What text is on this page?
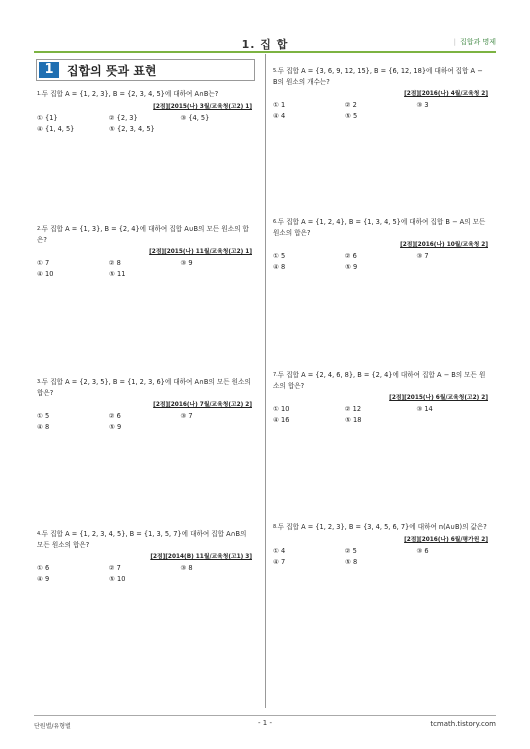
1. 집 합	| 집합과 명제
1	집합의 뜻과 표현
$^{1.}$두 집합 A = {1, 2, 3}, B = {2, 3, 4, 5}에 대하여 A∩B는?
[2점][2015(나) 3월/교육청(고2) 1]
① {1}	② {2, 3}	③ {4, 5}
④ {1, 4, 5}	⑤ {2, 3, 4, 5}
$^{2.}$두 집합 A = {1, 3}, B = {2, 4}에 대하여 집합 A∪B의 모든 원소의 합은?
[2점][2015(나) 11월/교육청(고2) 1]
① 7	② 8	③ 9
④ 10	⑤ 11
$^{3.}$두 집합 A = {2, 3, 5}, B = {1, 2, 3, 6}에 대하여 A∩B의 모든 원소의 합은?
[2점][2016(나) 7월/교육청(고2) 2]
① 5	② 6	③ 7
④ 8	⑤ 9
$^{4.}$두 집합 A = {1, 2, 3, 4, 5}, B = {1, 3, 5, 7}에 대하여 집합 A∩B의 모든 원소의 합은?
[2점][2014(B) 11월/교육청(고1) 3]
① 6	② 7	③ 8
④ 9	⑤ 10
$^{5.}$두 집합 A = {3, 6, 9, 12, 15}, B = {6, 12, 18}에 대하여 집합 A − B의 원소의 개수는?
[2점][2016(나) 4월/교육청 2]
① 1	② 2	③ 3
④ 4	⑤ 5
$^{6.}$두 집합 A = {1, 2, 4}, B = {1, 3, 4, 5}에 대하여 집합 B − A의 모든 원소의 합은?
[2점][2016(나) 10월/교육청 2]
① 5	② 6	③ 7
④ 8	⑤ 9
$^{7.}$두 집합 A = {2, 4, 6, 8}, B = {2, 4}에 대하여 집합 A − B의 모든 원소의 합은?
[2점][2015(나) 6월/교육청(고2) 2]
① 10	② 12	③ 14
④ 16	⑤ 18
$^{8.}$두 집합 A = {1, 2, 3}, B = {3, 4, 5, 6, 7}에 대하여 n(A∪B)의 값은?
[2점][2016(나) 6월/평가원 2]
① 4	② 5	③ 6
④ 7	⑤ 8
단원별/유형별	- 1 -	tcmath.tistory.com
